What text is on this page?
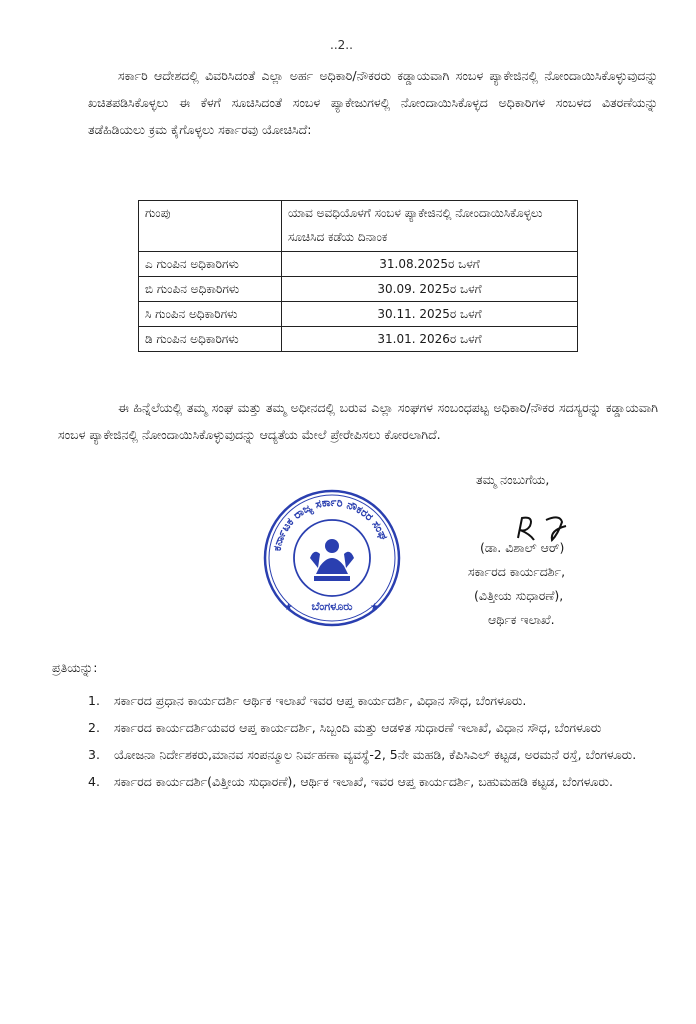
..2..
ಸರ್ಕಾರಿ ಆದೇಶದಲ್ಲಿ ವಿವರಿಸಿದಂತೆ ಎಲ್ಲಾ ಅರ್ಹ ಅಧಿಕಾರಿ/ನೌಕರರು ಕಡ್ಡಾಯವಾಗಿ ಸಂಬಳ ಪ್ಯಾಕೇಜಿನಲ್ಲಿ ನೋಂದಾಯಿಸಿಕೊಳ್ಳುವುದನ್ನು ಖಚಿತಪಡಿಸಿಕೊಳ್ಳಲು ಈ ಕೆಳಗೆ ಸೂಚಿಸಿದಂತೆ ಸಂಬಳ ಪ್ಯಾಕೇಜುಗಳಲ್ಲಿ ನೋಂದಾಯಿಸಿಕೊಳ್ಳದ ಅಧಿಕಾರಿಗಳ ಸಂಬಳದ ವಿತರಣೆಯನ್ನು ತಡೆಹಿಡಿಯಲು ಕ್ರಮ ಕೈಗೊಳ್ಳಲು ಸರ್ಕಾರವು ಯೋಚಿಸಿದೆ:
ಗುಂಪು	ಯಾವ ಅವಧಿಯೊಳಗೆ ಸಂಬಳ ಪ್ಯಾಕೇಜಿನಲ್ಲಿ ನೋಂದಾಯಿಸಿಕೊಳ್ಳಲು ಸೂಚಿಸಿದ ಕಡೆಯ ದಿನಾಂಕ
ಎ ಗುಂಪಿನ ಅಧಿಕಾರಿಗಳು	31.08.2025ರ ಒಳಗೆ
ಬಿ ಗುಂಪಿನ ಅಧಿಕಾರಿಗಳು	30.09. 2025ರ ಒಳಗೆ
ಸಿ ಗುಂಪಿನ ಅಧಿಕಾರಿಗಳು	30.11. 2025ರ ಒಳಗೆ
ಡಿ ಗುಂಪಿನ ಅಧಿಕಾರಿಗಳು	31.01. 2026ರ ಒಳಗೆ
ಈ ಹಿನ್ನೆಲೆಯಲ್ಲಿ ತಮ್ಮ ಸಂಘ ಮತ್ತು ತಮ್ಮ ಅಧೀನದಲ್ಲಿ ಬರುವ ಎಲ್ಲಾ ಸಂಘಗಳ ಸಂಬಂಧಪಟ್ಟ ಅಧಿಕಾರಿ/ನೌಕರ ಸದಸ್ಯರನ್ನು ಕಡ್ಡಾಯವಾಗಿ ಸಂಬಳ ಪ್ಯಾಕೇಜಿನಲ್ಲಿ ನೋಂದಾಯಿಸಿಕೊಳ್ಳುವುದನ್ನು ಆದ್ಯತೆಯ ಮೇಲೆ ಪ್ರೇರೇಪಿಸಲು ಕೋರಲಾಗಿದೆ.
ತಮ್ಮ ನಂಬುಗೆಯ,
ಕರ್ನಾಟಕ ರಾಜ್ಯ ಸರ್ಕಾರಿ ನೌಕರರ ಸಂಘ
ಬೆಂಗಳೂರು
★	★
(ಡಾ. ವಿಶಾಲ್ ಆರ್)
ಸರ್ಕಾರದ ಕಾರ್ಯದರ್ಶಿ,
(ವಿತ್ತೀಯ ಸುಧಾರಣೆ),
ಆರ್ಥಿಕ ಇಲಾಖೆ.
ಪ್ರತಿಯನ್ನು:
1. ಸರ್ಕಾರದ ಪ್ರಧಾನ ಕಾರ್ಯದರ್ಶಿ ಆರ್ಥಿಕ ಇಲಾಖೆ ಇವರ ಆಪ್ತ ಕಾರ್ಯದರ್ಶಿ, ವಿಧಾನ ಸೌಧ, ಬೆಂಗಳೂರು.
2. ಸರ್ಕಾರದ ಕಾರ್ಯದರ್ಶಿಯವರ ಆಪ್ತ ಕಾರ್ಯದರ್ಶಿ, ಸಿಬ್ಬಂದಿ ಮತ್ತು ಆಡಳಿತ ಸುಧಾರಣೆ ಇಲಾಖೆ, ವಿಧಾನ ಸೌಧ, ಬೆಂಗಳೂರು
3. ಯೋಜನಾ ನಿರ್ದೇಶಕರು,ಮಾನವ ಸಂಪನ್ಮೂಲ ನಿರ್ವಹಣಾ ವ್ಯವಸ್ಥೆ-2, 5ನೇ ಮಹಡಿ, ಕೆಪಿಸಿಎಲ್ ಕಟ್ಟಡ, ಅರಮನೆ ರಸ್ತೆ, ಬೆಂಗಳೂರು.
4. ಸರ್ಕಾರದ ಕಾರ್ಯದರ್ಶಿ(ವಿತ್ತೀಯ ಸುಧಾರಣೆ), ಆರ್ಥಿಕ ಇಲಾಖೆ, ಇವರ ಆಪ್ತ ಕಾರ್ಯದರ್ಶಿ, ಬಹುಮಹಡಿ ಕಟ್ಟಡ, ಬೆಂಗಳೂರು.
